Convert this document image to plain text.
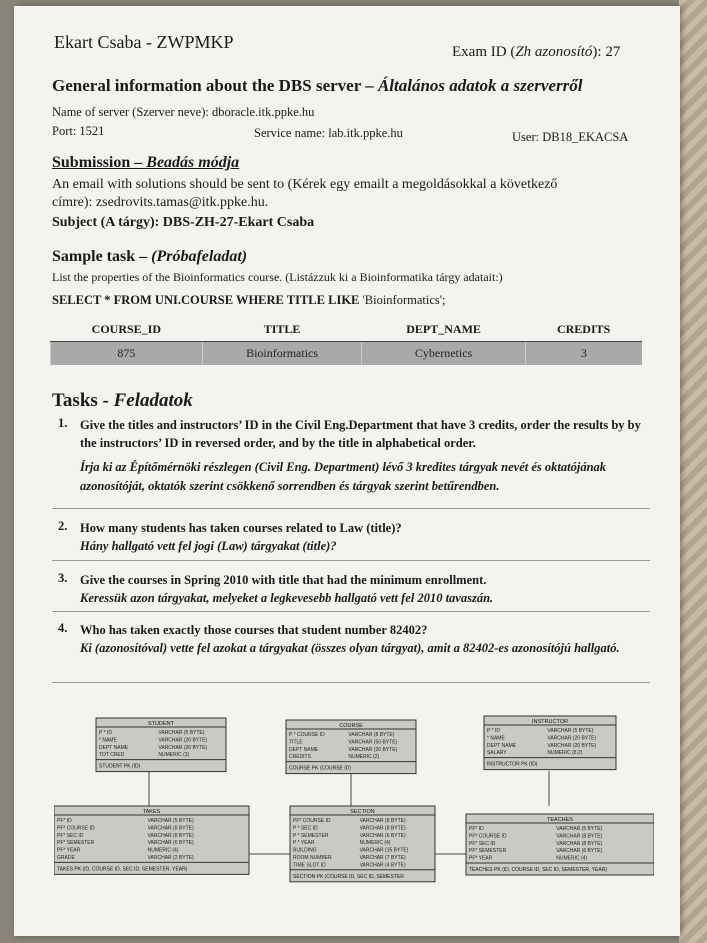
Ekart Csaba - ZWPMKP	Exam ID (Zh azonosító): 27
General information about the DBS server – Általános adatok a szerverről
Name of server (Szerver neve): dboracle.itk.ppke.hu
Port: 1521	Service name: lab.itk.ppke.hu	User: DB18_EKACSA
Submission – Beadás módja
An email with solutions should be sent to (Kérek egy emailt a megoldásokkal a következő
címre): zsedrovits.tamas@itk.ppke.hu.
Subject (A tárgy): DBS-ZH-27-Ekart Csaba
Sample task – (Próbafeladat)
List the properties of the Bioinformatics course. (Listázzuk ki a Bioinformatika tárgy adatait:)
SELECT * FROM UNI.COURSE WHERE TITLE LIKE 'Bioinformatics';
COURSE_ID	TITLE	DEPT_NAME	CREDITS
875	Bioinformatics	Cybernetics	3
Tasks - Feladatok
1. Give the titles and instructors’ ID in the Civil Eng.Department that have 3 credits, order the results by by the instructors’ ID in reversed order, and by the title in alphabetical order.
Írja ki az Építőmérnöki részlegen (Civil Eng. Department) lévő 3 kredites tárgyak nevét és oktatójának azonosítóját, oktatók szerint csökkenő sorrendben és tárgyak szerint betűrendben.
2. How many students has taken courses related to Law (title)?
Hány hallgató vett fel jogi (Law) tárgyakat (title)?
3. Give the courses in Spring 2010 with title that had the minimum enrollment.
Keressük azon tárgyakat, melyeket a legkevesebb hallgató vett fel 2010 tavaszán.
4. Who has taken exactly those courses that student number 82402?
Ki (azonosítóval) vette fel azokat a tárgyakat (összes olyan tárgyat), amit a 82402-es azonosítójú hallgató.
STUDENT
P * ID	VARCHAR (5 BYTE)
* NAME	VARCHAR (20 BYTE)
DEPT NAME	VARCHAR (20 BYTE)
TOT CRED	NUMERIC (3)
STUDENT PK (ID)
COURSE
P * COURSE ID	VARCHAR (8 BYTE)
TITLE	VARCHAR (50 BYTE)
DEPT NAME	VARCHAR (20 BYTE)
CREDITS	NUMERIC (2)
COURSE PK (COURSE ID)
INSTRUCTOR
P * ID	VARCHAR (5 BYTE)
* NAME	VARCHAR (20 BYTE)
DEPT NAME	VARCHAR (20 BYTE)
SALARY	NUMERIC (8,2)
INSTRUCTOR PK (ID)
TAKES
PF* ID	VARCHAR (5 BYTE)
PF* COURSE ID	VARCHAR (8 BYTE)
PF* SEC ID	VARCHAR (8 BYTE)
PF* SEMESTER	VARCHAR (6 BYTE)
PF* YEAR	NUMERIC (4)
GRADE	VARCHAR (2 BYTE)
TAKES PK (ID, COURSE ID, SEC ID, SEMESTER, YEAR)
SECTION
PF* COURSE ID	VARCHAR (8 BYTE)
P * SEC ID	VARCHAR (8 BYTE)
P * SEMESTER	VARCHAR (6 BYTE)
P * YEAR	NUMERIC (4)
BUILDING	VARCHAR (15 BYTE)
ROOM NUMBER	VARCHAR (7 BYTE)
TIME SLOT ID	VARCHAR (4 BYTE)
SECTION PK (COURSE ID, SEC ID, SEMESTER
TEACHES
PF* ID	VARCHAR (5 BYTE)
PF* COURSE ID	VARCHAR (8 BYTE)
PF* SEC ID	VARCHAR (8 BYTE)
PF* SEMESTER	VARCHAR (6 BYTE)
PF* YEAR	NUMERIC (4)
TEACHES PK (ID, COURSE ID, SEC ID, SEMESTER, YEAR)
